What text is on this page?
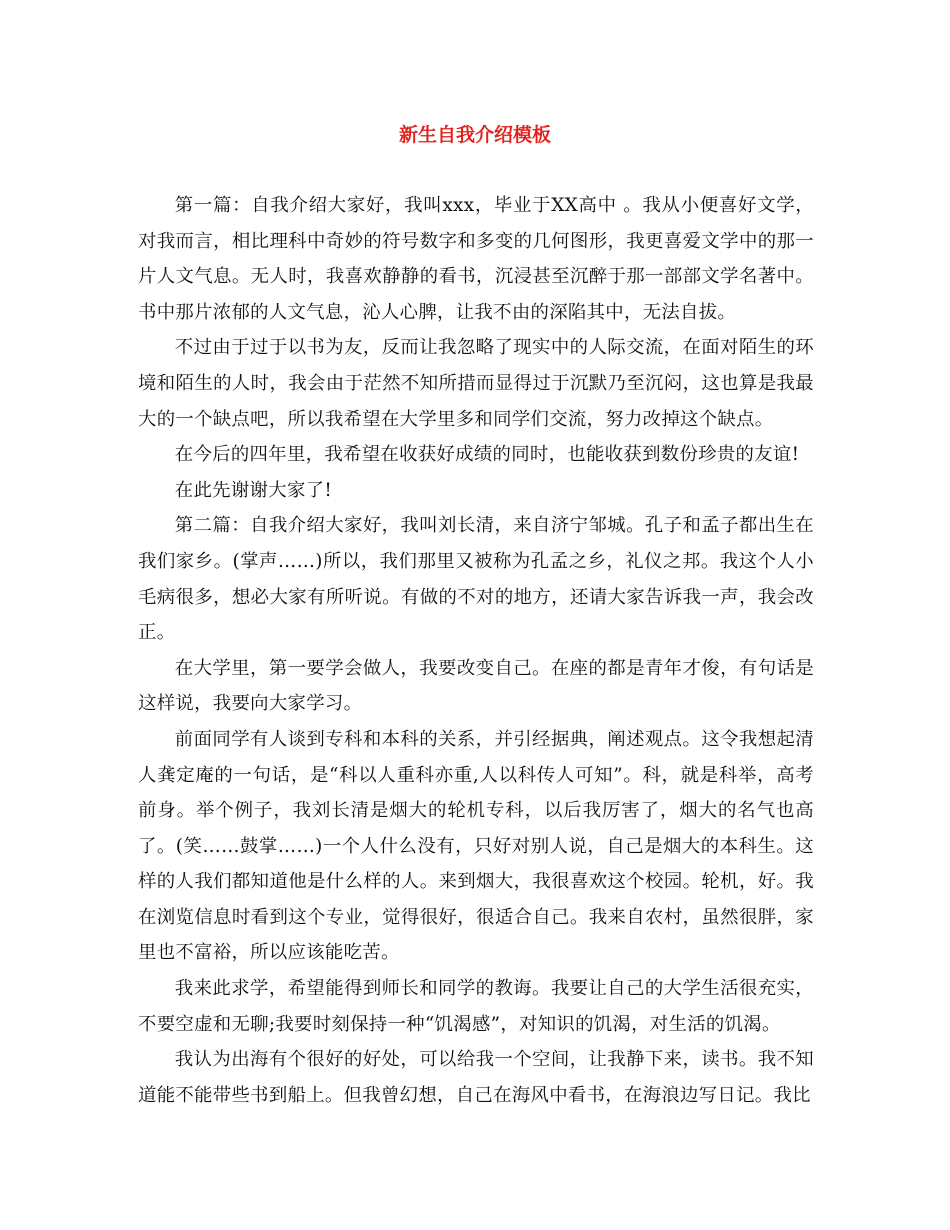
新生自我介绍模板

第一篇：自我介绍大家好，我叫xxx，毕业于XX高中 。我从小便喜好文学，对我而言，相比理科中奇妙的符号数字和多变的几何图形，我更喜爱文学中的那一片人文气息。无人时，我喜欢静静的看书，沉浸甚至沉醉于那一部部文学名著中。书中那片浓郁的人文气息，沁人心脾，让我不由的深陷其中，无法自拔。

不过由于过于以书为友，反而让我忽略了现实中的人际交流，在面对陌生的环境和陌生的人时，我会由于茫然不知所措而显得过于沉默乃至沉闷，这也算是我最大的一个缺点吧，所以我希望在大学里多和同学们交流，努力改掉这个缺点。

在今后的四年里，我希望在收获好成绩的同时，也能收获到数份珍贵的友谊!

在此先谢谢大家了!

第二篇：自我介绍大家好，我叫刘长清，来自济宁邹城。孔子和孟子都出生在我们家乡。(掌声……)所以，我们那里又被称为孔孟之乡，礼仪之邦。我这个人小毛病很多，想必大家有所听说。有做的不对的地方，还请大家告诉我一声，我会改正。

在大学里，第一要学会做人，我要改变自己。在座的都是青年才俊，有句话是这样说，我要向大家学习。

前面同学有人谈到专科和本科的关系，并引经据典，阐述观点。这令我想起清人龚定庵的一句话，是“科以人重科亦重,人以科传人可知”。科，就是科举，高考前身。举个例子，我刘长清是烟大的轮机专科，以后我厉害了，烟大的名气也高了。(笑……鼓掌……)一个人什么没有，只好对别人说，自己是烟大的本科生。这样的人我们都知道他是什么样的人。来到烟大，我很喜欢这个校园。轮机，好。我在浏览信息时看到这个专业，觉得很好，很适合自己。我来自农村，虽然很胖，家里也不富裕，所以应该能吃苦。

我来此求学，希望能得到师长和同学的教诲。我要让自己的大学生活很充实，不要空虚和无聊;我要时刻保持一种“饥渴感”，对知识的饥渴，对生活的饥渴。

我认为出海有个很好的好处，可以给我一个空间，让我静下来，读书。我不知道能不能带些书到船上。但我曾幻想，自己在海风中看书，在海浪边写日记。我比
